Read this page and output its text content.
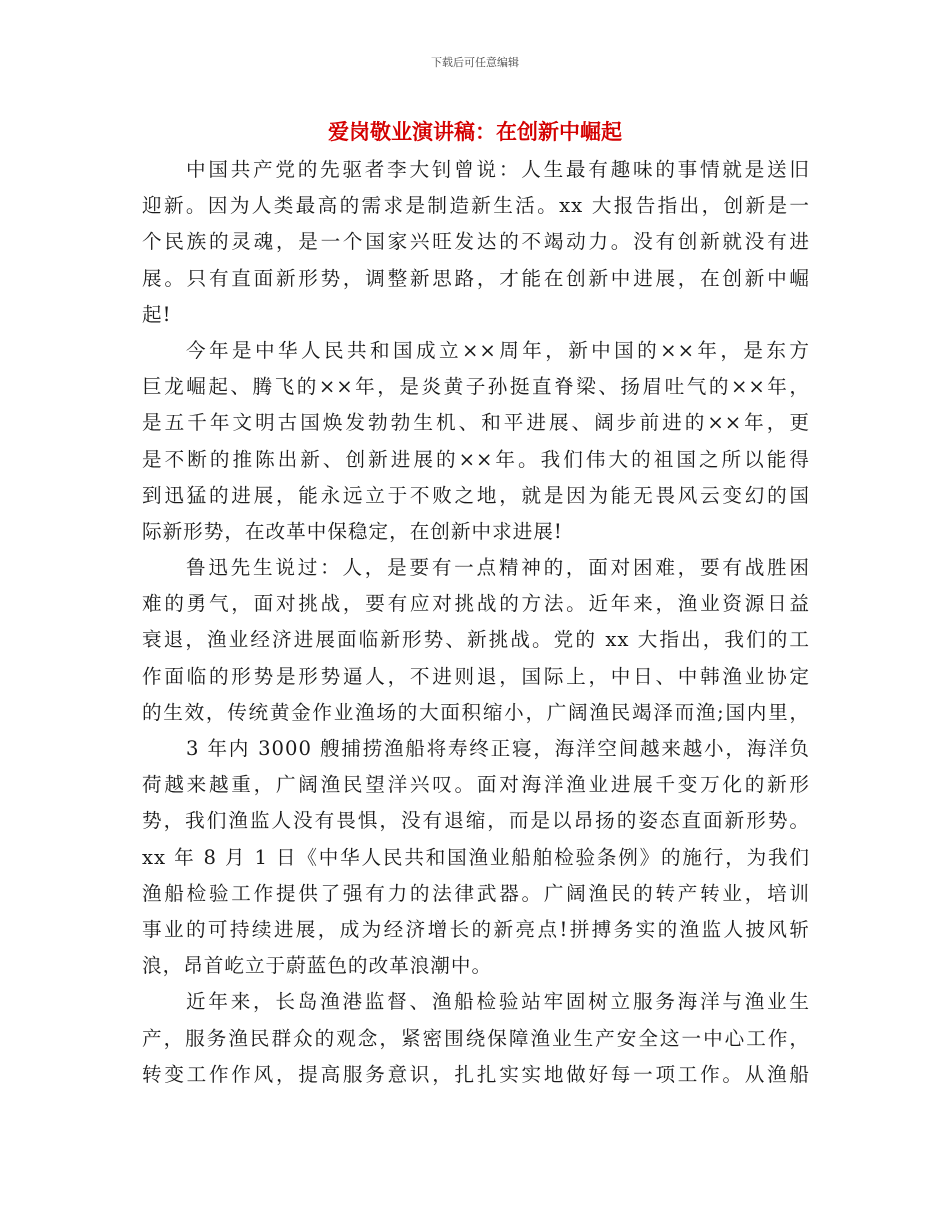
下载后可任意编辑
爱岗敬业演讲稿：在创新中崛起
中国共产党的先驱者李大钊曾说：人生最有趣味的事情就是送旧
迎新。因为人类最高的需求是制造新生活。xx 大报告指出，创新是一
个民族的灵魂，是一个国家兴旺发达的不竭动力。没有创新就没有进
展。只有直面新形势，调整新思路，才能在创新中进展，在创新中崛
起!
今年是中华人民共和国成立××周年，新中国的××年，是东方
巨龙崛起、腾飞的××年，是炎黄子孙挺直脊梁、扬眉吐气的××年，
是五千年文明古国焕发勃勃生机、和平进展、阔步前进的××年，更
是不断的推陈出新、创新进展的××年。我们伟大的祖国之所以能得
到迅猛的进展，能永远立于不败之地，就是因为能无畏风云变幻的国
际新形势，在改革中保稳定，在创新中求进展!
鲁迅先生说过：人，是要有一点精神的，面对困难，要有战胜困
难的勇气，面对挑战，要有应对挑战的方法。近年来，渔业资源日益
衰退，渔业经济进展面临新形势、新挑战。党的 xx 大指出，我们的工
作面临的形势是形势逼人，不进则退，国际上，中日、中韩渔业协定
的生效，传统黄金作业渔场的大面积缩小，广阔渔民竭泽而渔;国内里，
3 年内 3000 艘捕捞渔船将寿终正寝，海洋空间越来越小，海洋负
荷越来越重，广阔渔民望洋兴叹。面对海洋渔业进展千变万化的新形
势，我们渔监人没有畏惧，没有退缩，而是以昂扬的姿态直面新形势。
xx 年 8 月 1 日《中华人民共和国渔业船舶检验条例》的施行，为我们
渔船检验工作提供了强有力的法律武器。广阔渔民的转产转业，培训
事业的可持续进展，成为经济增长的新亮点!拼搏务实的渔监人披风斩
浪，昂首屹立于蔚蓝色的改革浪潮中。
近年来，长岛渔港监督、渔船检验站牢固树立服务海洋与渔业生
产，服务渔民群众的观念，紧密围绕保障渔业生产安全这一中心工作，
转变工作作风，提高服务意识，扎扎实实地做好每一项工作。从渔船
